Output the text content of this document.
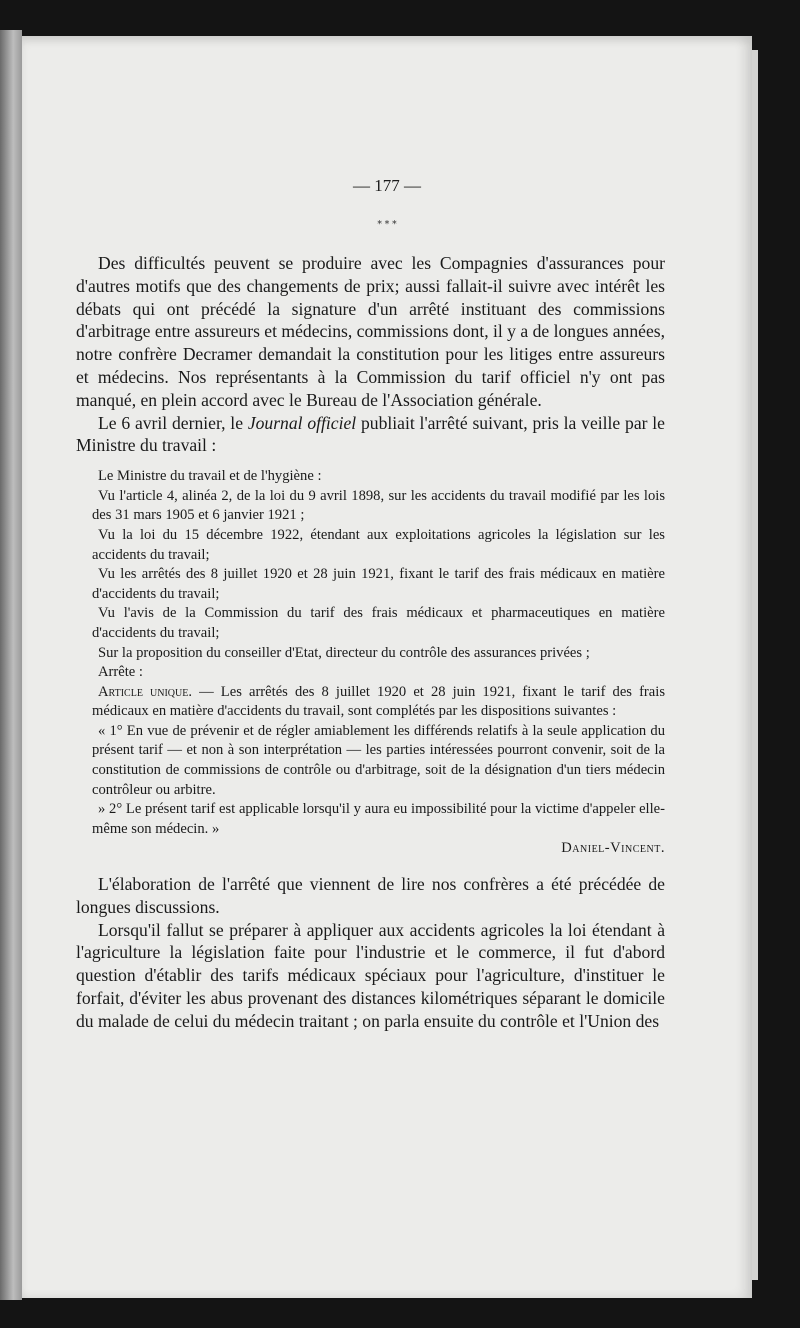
— 177 —
* * *

Des difficultés peuvent se produire avec les Compagnies d'assurances pour d'autres motifs que des changements de prix; aussi fallait-il suivre avec intérêt les débats qui ont précédé la signature d'un arrêté instituant des commissions d'arbitrage entre assureurs et médecins, commissions dont, il y a de longues années, notre confrère Decramer demandait la constitution pour les litiges entre assureurs et médecins. Nos représentants à la Commission du tarif officiel n'y ont pas manqué, en plein accord avec le Bureau de l'Association générale.

Le 6 avril dernier, le Journal officiel publiait l'arrêté suivant, pris la veille par le Ministre du travail :

Le Ministre du travail et de l'hygiène :

Vu l'article 4, alinéa 2, de la loi du 9 avril 1898, sur les accidents du travail modifié par les lois des 31 mars 1905 et 6 janvier 1921 ;

Vu la loi du 15 décembre 1922, étendant aux exploitations agricoles la législation sur les accidents du travail;

Vu les arrêtés des 8 juillet 1920 et 28 juin 1921, fixant le tarif des frais médicaux en matière d'accidents du travail;

Vu l'avis de la Commission du tarif des frais médicaux et pharmaceutiques en matière d'accidents du travail;

Sur la proposition du conseiller d'Etat, directeur du contrôle des assurances privées ;

Arrête :

Article unique. — Les arrêtés des 8 juillet 1920 et 28 juin 1921, fixant le tarif des frais médicaux en matière d'accidents du travail, sont complétés par les dispositions suivantes :

« 1° En vue de prévenir et de régler amiablement les différends relatifs à la seule application du présent tarif — et non à son interprétation — les parties intéressées pourront convenir, soit de la constitution de commissions de contrôle ou d'arbitrage, soit de la désignation d'un tiers médecin contrôleur ou arbitre.

» 2° Le présent tarif est applicable lorsqu'il y aura eu impossibilité pour la victime d'appeler elle-même son médecin. »

Daniel-Vincent.

L'élaboration de l'arrêté que viennent de lire nos confrères a été précédée de longues discussions.

Lorsqu'il fallut se préparer à appliquer aux accidents agricoles la loi étendant à l'agriculture la législation faite pour l'industrie et le commerce, il fut d'abord question d'établir des tarifs médicaux spéciaux pour l'agriculture, d'instituer le forfait, d'éviter les abus provenant des distances kilométriques séparant le domicile du malade de celui du médecin traitant ; on parla ensuite du contrôle et l'Union des
